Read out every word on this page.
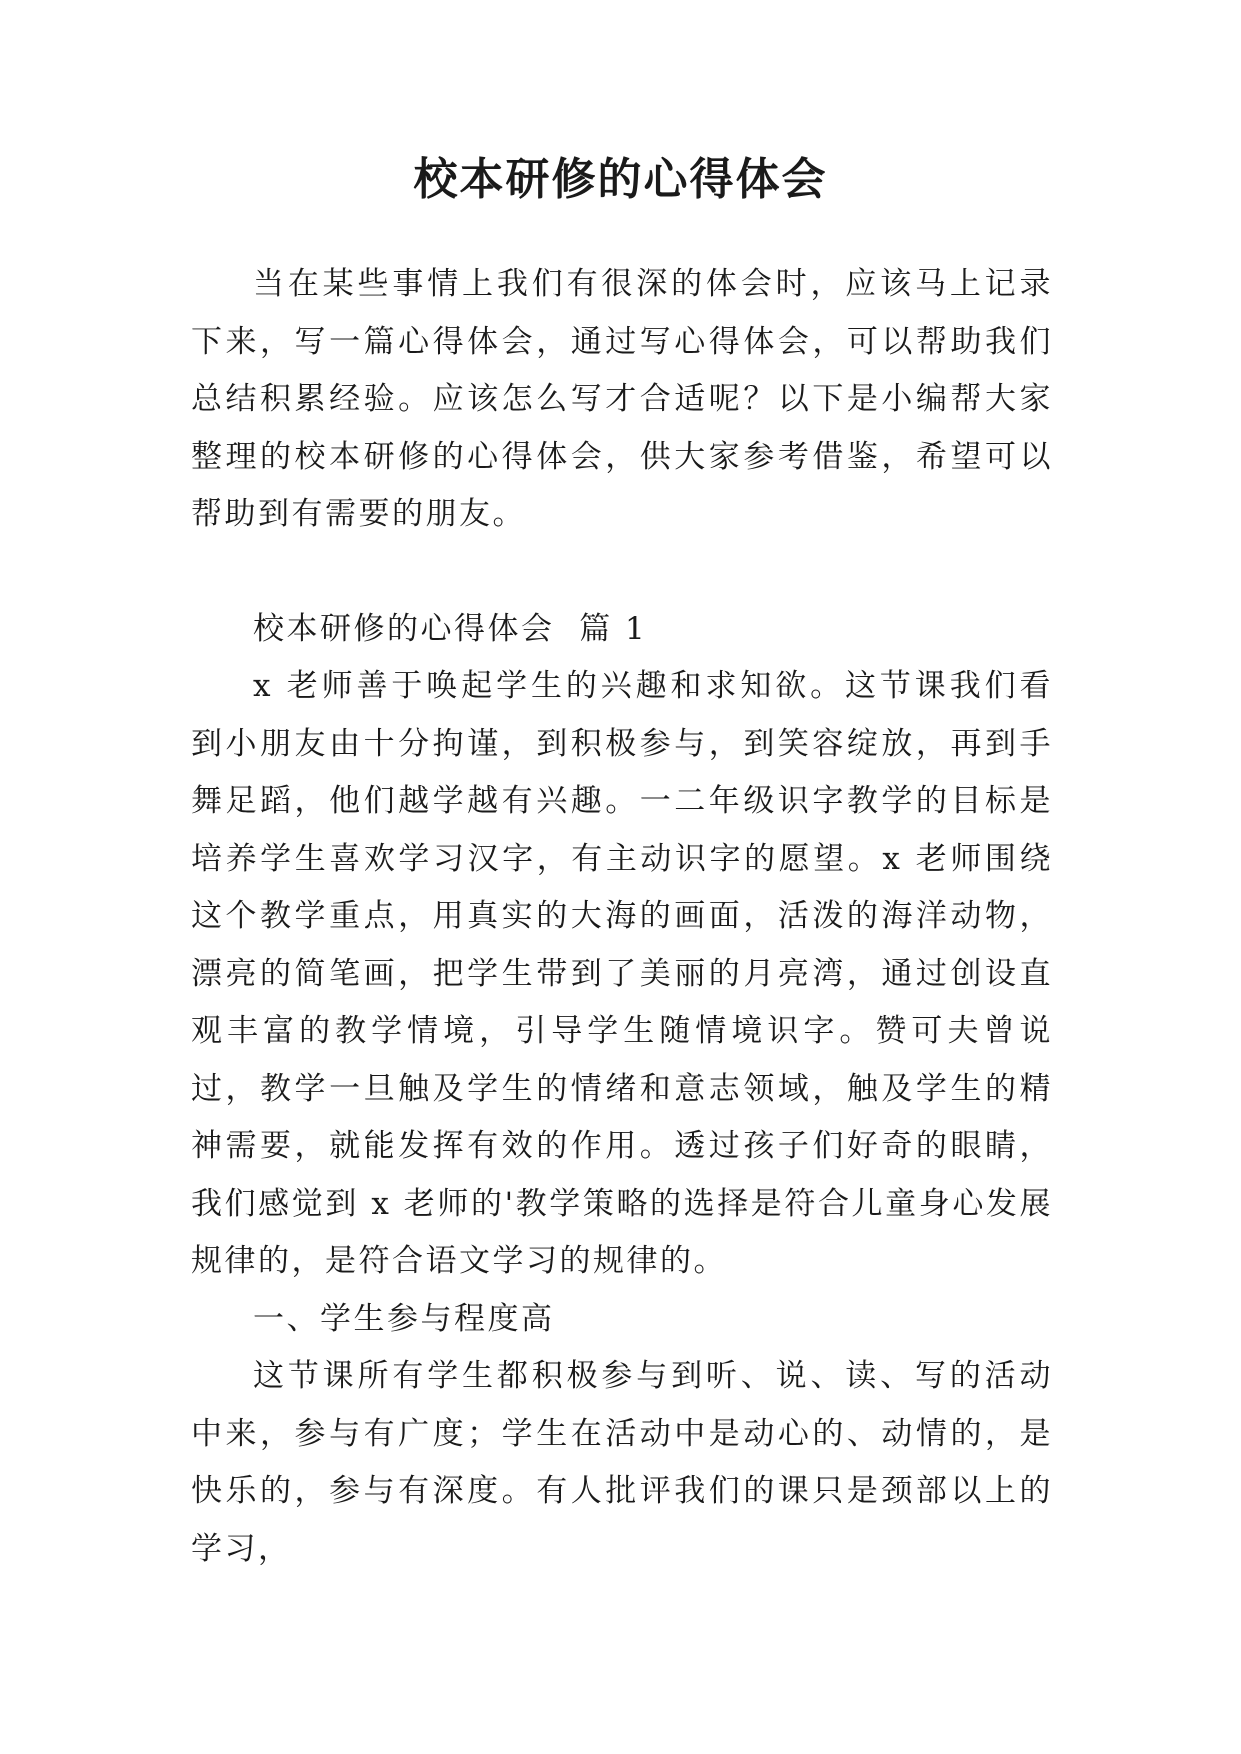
校本研修的心得体会

当在某些事情上我们有很深的体会时，应该马上记录下来，写一篇心得体会，通过写心得体会，可以帮助我们总结积累经验。应该怎么写才合适呢？以下是小编帮大家整理的校本研修的心得体会，供大家参考借鉴，希望可以帮助到有需要的朋友。

校本研修的心得体会  篇 1

x 老师善于唤起学生的兴趣和求知欲。这节课我们看到小朋友由十分拘谨，到积极参与，到笑容绽放，再到手舞足蹈，他们越学越有兴趣。一二年级识字教学的目标是培养学生喜欢学习汉字，有主动识字的愿望。x 老师围绕这个教学重点，用真实的大海的画面，活泼的海洋动物，漂亮的简笔画，把学生带到了美丽的月亮湾，通过创设直观丰富的教学情境，引导学生随情境识字。赞可夫曾说过，教学一旦触及学生的情绪和意志领域，触及学生的精神需要，就能发挥有效的作用。透过孩子们好奇的眼睛，我们感觉到 x 老师的'教学策略的选择是符合儿童身心发展规律的，是符合语文学习的规律的。

一、学生参与程度高

这节课所有学生都积极参与到听、说、读、写的活动中来，参与有广度；学生在活动中是动心的、动情的，是快乐的，参与有深度。有人批评我们的课只是颈部以上的学习，
